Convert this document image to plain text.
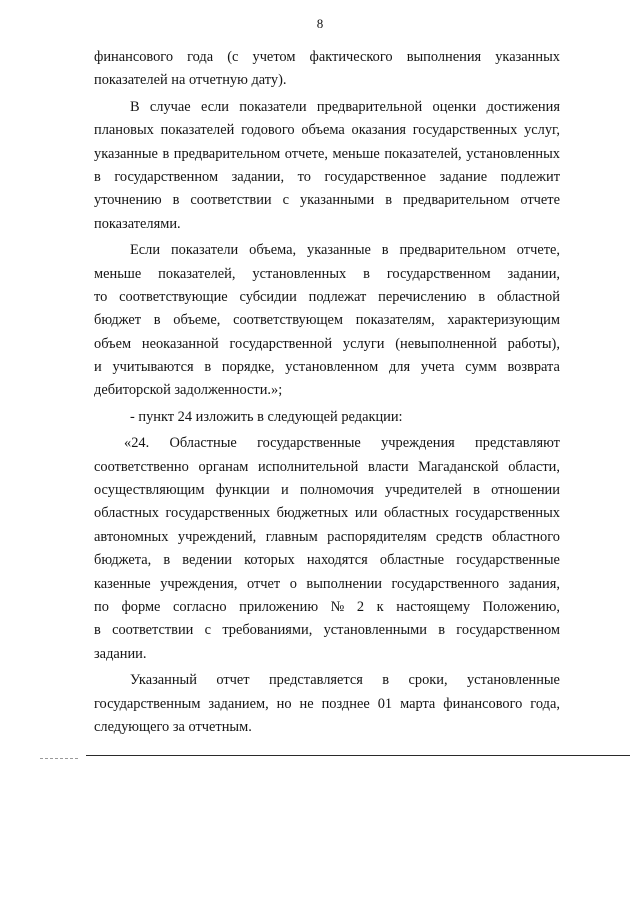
8
финансового года (с учетом фактического выполнения указанных
показателей на отчетную дату).
В случае если показатели предварительной оценки достижения
плановых показателей годового объема оказания государственных услуг,
указанные в предварительном отчете, меньше показателей, установленных
в государственном задании, то государственное задание подлежит
уточнению в соответствии с указанными в предварительном отчете
показателями.
Если показатели объема, указанные в предварительном отчете,
меньше показателей, установленных в государственном задании,
то соответствующие субсидии подлежат перечислению в областной
бюджет в объеме, соответствующем показателям, характеризующим
объем неоказанной государственной услуги (невыполненной работы),
и учитываются в порядке, установленном для учета сумм возврата
дебиторской задолженности.»;
- пункт 24 изложить в следующей редакции:
«24. Областные государственные учреждения представляют
соответственно органам исполнительной власти Магаданской области,
осуществляющим функции и полномочия учредителей в отношении
областных государственных бюджетных или областных государственных
автономных учреждений, главным распорядителям средств областного
бюджета, в ведении которых находятся областные государственные
казенные учреждения, отчет о выполнении государственного задания,
по форме согласно приложению № 2 к настоящему Положению,
в соответствии с требованиями, установленными в государственном
задании.
Указанный отчет представляется в сроки, установленные
государственным заданием, но не позднее 01 марта финансового года,
следующего за отчетным.
